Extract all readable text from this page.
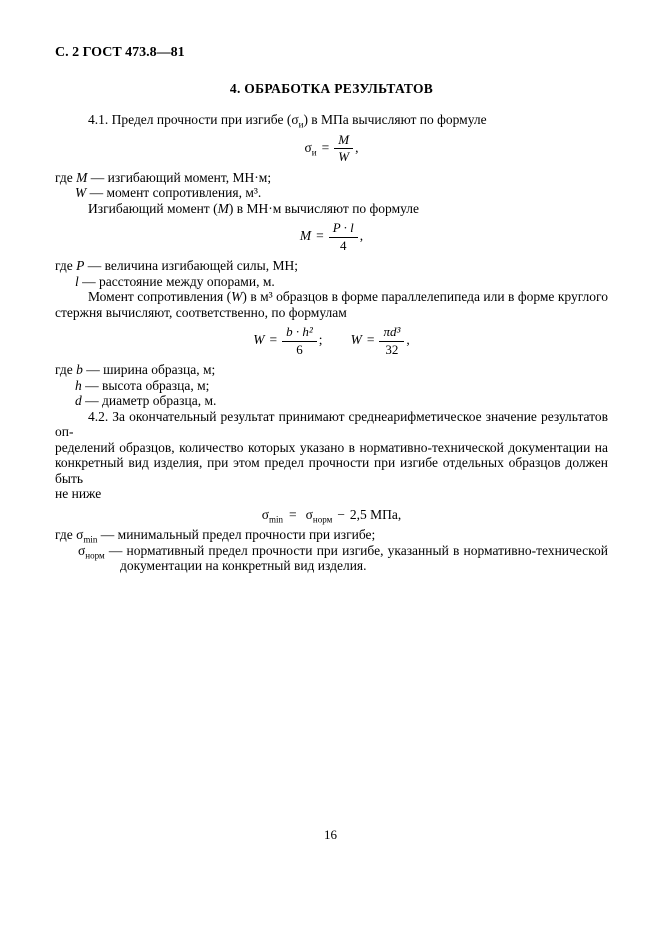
С. 2 ГОСТ 473.8—81
4. ОБРАБОТКА РЕЗУЛЬТАТОВ

4.1. Предел прочности при изгибе $(\sigma_и)$ в МПа вычисляют по формуле

$\sigma_и = \frac{M}{W}$ ,
где M — изгибающий момент, МН·м;
W — момент сопротивления, м³.

Изгибающий момент (M) в МН·м вычисляют по формуле

$M = \frac{P \cdot l}{4}$ ,
где P — величина изгибающей силы, МН;
l — расстояние между опорами, м.
Момент сопротивления (W) в м³ образцов в форме параллелепипеда или в форме круглого
стержня вычисляют, соответственно, по формулам
$W = \frac{\text{b · h²}}{6}$ ; $W = \frac{\text{πd³}}{32}$ ,
где b — ширина образца, м;
h — высота образца, м;
d — диаметр образца, м.
4.2. За окончательный результат принимают среднеарифметическое значение результатов оп-
ределений образцов, количество которых указано в нормативно-технической документации на
конкретный вид изделия, при этом предел прочности при изгибе отдельных образцов должен быть
не ниже
$\sigma_{min} = \sigma_{норм} - 2,5$ МПа,
где $\sigma_{min}$ — минимальный предел прочности при изгибе;
$\sigma_{норм}$ — нормативный предел прочности при изгибе, указанный в нормативно-технической
документации на конкретный вид изделия.
16
